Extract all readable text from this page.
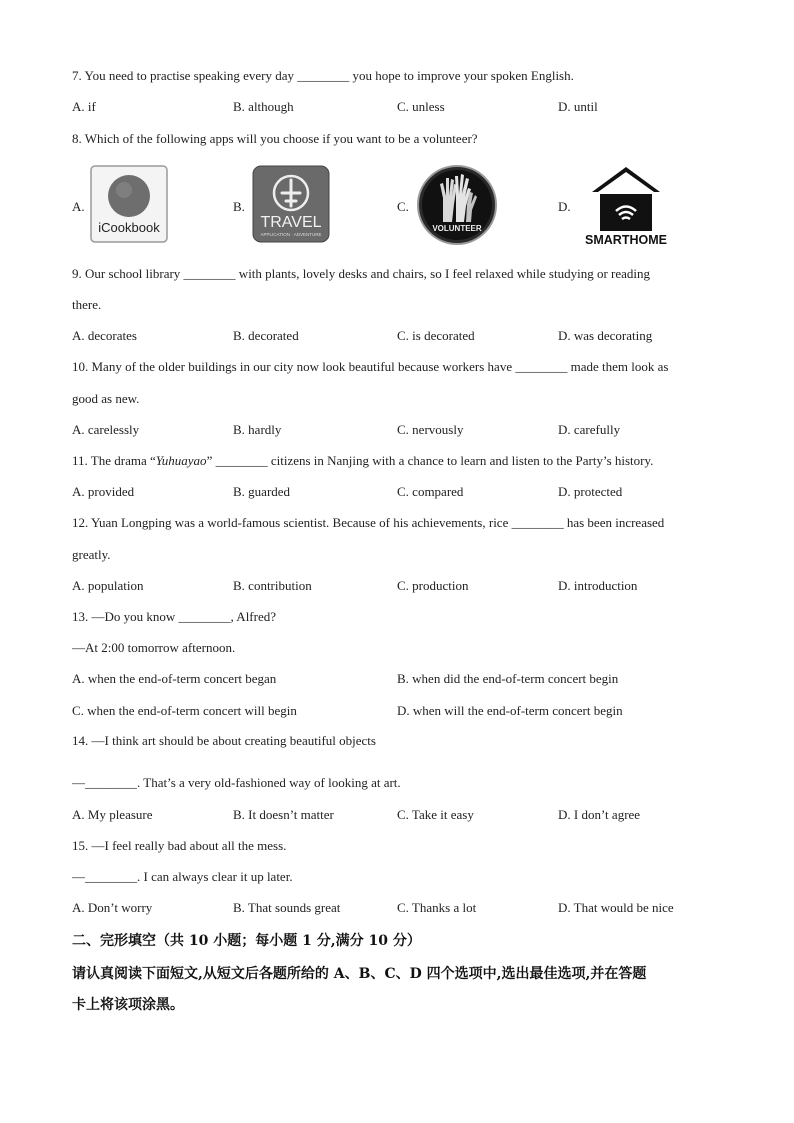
7. You need to practise speaking every day ________ you hope to improve your spoken English.
A. if	B. although	C. unless	D. until
8. Which of the following apps will you choose if you want to be a volunteer?
A.
iCookbook
B.
TRAVEL
APPLICATION · ADVENTURE
C.
VOLUNTEER
D.
SMARTHOME
9. Our school library ________ with plants, lovely desks and chairs, so I feel relaxed while studying or reading
there.
A. decorates	B. decorated	C. is decorated	D. was decorating
10. Many of the older buildings in our city now look beautiful because workers have ________ made them look as
good as new.
A. carelessly	B. hardly	C. nervously	D. carefully
11. The drama “Yuhuayao” ________ citizens in Nanjing with a chance to learn and listen to the Party’s history.
A. provided	B. guarded	C. compared	D. protected
12. Yuan Longping was a world-famous scientist. Because of his achievements, rice ________ has been increased
greatly.
A. population	B. contribution	C. production	D. introduction
13. —Do you know ________, Alfred?
—At 2:00 tomorrow afternoon.
A. when the end-of-term concert began	B. when did the end-of-term concert begin
C. when the end-of-term concert will begin	D. when will the end-of-term concert begin
14. —I think art should be about creating beautiful objects
—________. That’s a very old-fashioned way of looking at art.
A. My pleasure	B. It doesn’t matter	C. Take it easy	D. I don’t agree
15. —I feel really bad about all the mess.
—________. I can always clear it up later.
A. Don’t worry	B. That sounds great	C. Thanks a lot	D. That would be nice
二、完形填空（共 10 小题；每小题 1 分,满分 10 分）
请认真阅读下面短文,从短文后各题所给的 A、B、C、D 四个选项中,选出最佳选项,并在答题
卡上将该项涂黑。
